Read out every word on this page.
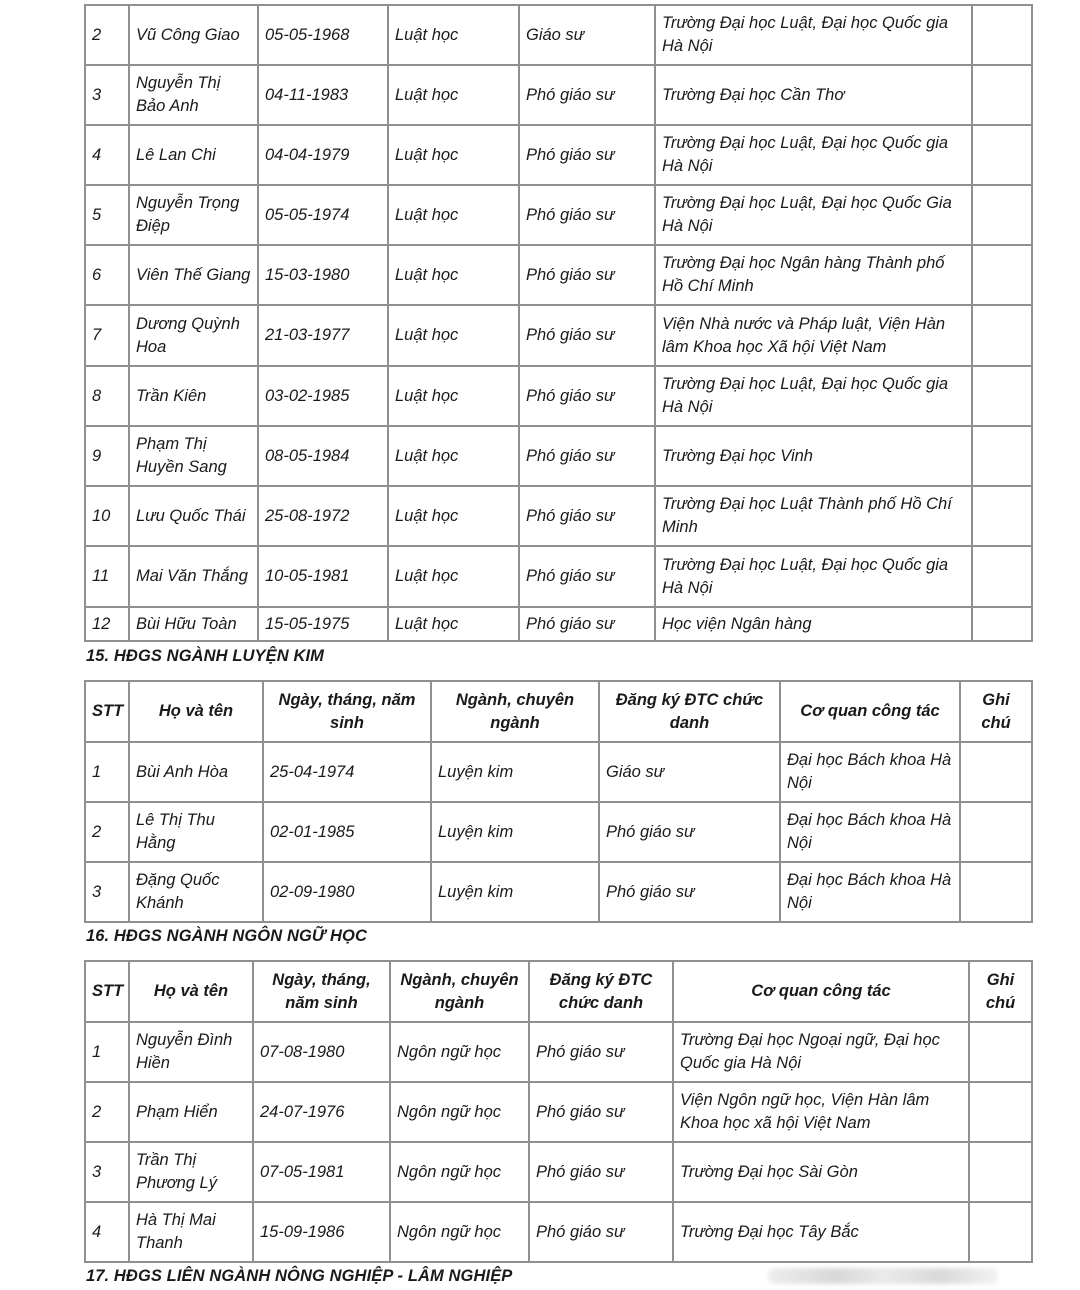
2	Vũ Công Giao	05-05-1968	Luật học	Giáo sư	Trường Đại học Luật, Đại học Quốc gia Hà Nội	
3	Nguyễn Thị Bảo Anh	04-11-1983	Luật học	Phó giáo sư	Trường Đại học Cần Thơ	
4	Lê Lan Chi	04-04-1979	Luật học	Phó giáo sư	Trường Đại học Luật, Đại học Quốc gia Hà Nội	
5	Nguyễn Trọng Điệp	05-05-1974	Luật học	Phó giáo sư	Trường Đại học Luật, Đại học Quốc Gia Hà Nội	
6	Viên Thế Giang	15-03-1980	Luật học	Phó giáo sư	Trường Đại học Ngân hàng Thành phố Hồ Chí Minh	
7	Dương Quỳnh Hoa	21-03-1977	Luật học	Phó giáo sư	Viện Nhà nước và Pháp luật, Viện Hàn lâm Khoa học Xã hội Việt Nam	
8	Trần Kiên	03-02-1985	Luật học	Phó giáo sư	Trường Đại học Luật, Đại học Quốc gia Hà Nội	
9	Phạm Thị Huyền Sang	08-05-1984	Luật học	Phó giáo sư	Trường Đại học Vinh	
10	Lưu Quốc Thái	25-08-1972	Luật học	Phó giáo sư	Trường Đại học Luật Thành phố Hồ Chí Minh	
11	Mai Văn Thắng	10-05-1981	Luật học	Phó giáo sư	Trường Đại học Luật, Đại học Quốc gia Hà Nội	
12	Bùi Hữu Toàn	15-05-1975	Luật học	Phó giáo sư	Học viện Ngân hàng	
15. HĐGS NGÀNH LUYỆN KIM
STT	Họ và tên	Ngày, tháng, năm sinh	Ngành, chuyên ngành	Đăng ký ĐTC chức danh	Cơ quan công tác	Ghi chú
1	Bùi Anh Hòa	25-04-1974	Luyện kim	Giáo sư	Đại học Bách khoa Hà Nội	
2	Lê Thị Thu Hằng	02-01-1985	Luyện kim	Phó giáo sư	Đại học Bách khoa Hà Nội	
3	Đặng Quốc Khánh	02-09-1980	Luyện kim	Phó giáo sư	Đại học Bách khoa Hà Nội	
16. HĐGS NGÀNH NGÔN NGỮ HỌC
STT	Họ và tên	Ngày, tháng, năm sinh	Ngành, chuyên ngành	Đăng ký ĐTC chức danh	Cơ quan công tác	Ghi chú
1	Nguyễn Đình Hiền	07-08-1980	Ngôn ngữ học	Phó giáo sư	Trường Đại học Ngoại ngữ, Đại học Quốc gia Hà Nội	
2	Phạm Hiển	24-07-1976	Ngôn ngữ học	Phó giáo sư	Viện Ngôn ngữ học, Viện Hàn lâm Khoa học xã hội Việt Nam	
3	Trần Thị Phương Lý	07-05-1981	Ngôn ngữ học	Phó giáo sư	Trường Đại học Sài Gòn	
4	Hà Thị Mai Thanh	15-09-1986	Ngôn ngữ học	Phó giáo sư	Trường Đại học Tây Bắc	
17. HĐGS LIÊN NGÀNH NÔNG NGHIỆP - LÂM NGHIỆP
